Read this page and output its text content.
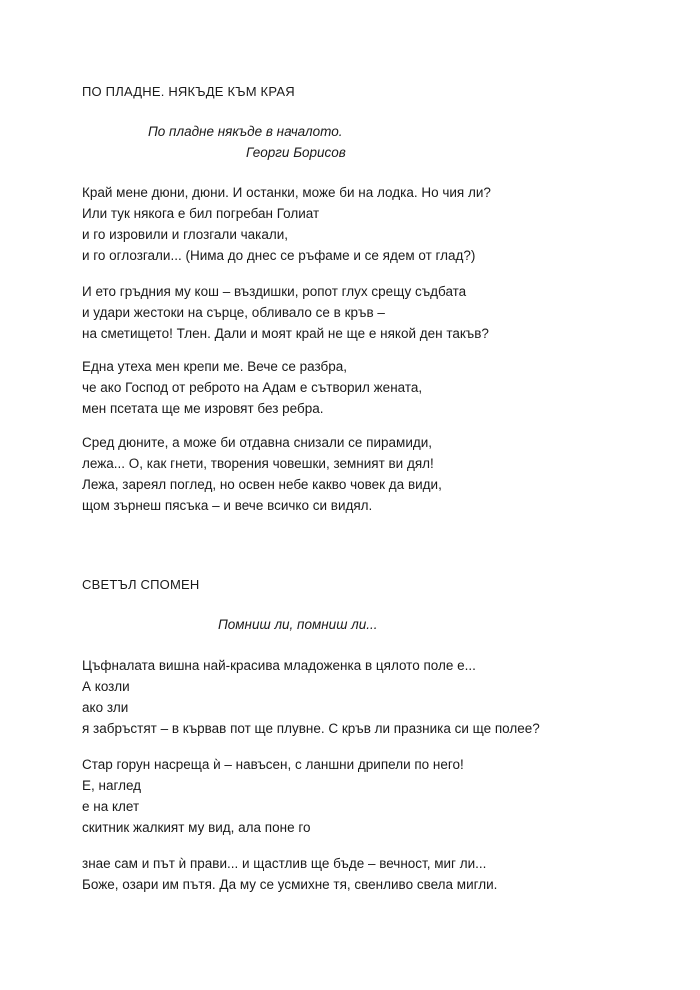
ПО ПЛАДНЕ. НЯКЪДЕ КЪМ КРАЯ
По пладне някъде в началото.
Георги Борисов
Край мене дюни, дюни. И останки, може би на лодка. Но чия ли?
Или тук някога е бил погребан Голиат
и го изровили и глозгали чакали,
и го оглозгали... (Нима до днес се ръфаме и се ядем от глад?)
И ето гръдния му кош – въздишки, ропот глух срещу съдбата
и удари жестоки на сърце, обливало се в кръв –
на сметището! Тлен. Дали и моят край не ще е някой ден такъв?
Една утеха мен крепи ме. Вече се разбра,
че ако Господ от реброто на Адам е сътворил жената,
мен псетата ще ме изровят без ребра.
Сред дюните, а може би отдавна снизали се пирамиди,
лежа... О, как гнети, творения човешки, земният ви дял!
Лежа, зареял поглед, но освен небе какво човек да види,
щом зърнеш пясъка – и вече всичко си видял.
СВЕТЪЛ СПОМЕН
Помниш ли, помниш ли...
Цъфналата вишна най-красива младоженка в цялото поле е...
А козли
ако зли
я забръстят – в кървав пот ще плувне. С кръв ли празника си ще полее?
Стар горун насреща ѝ – навъсен, с ланшни дрипели по него!
Е, наглед
е на клет
скитник жалкият му вид, ала поне го
знае сам и път ѝ прави... и щастлив ще бъде – вечност, миг ли...
Боже, озари им пътя. Да му се усмихне тя, свенливо свела мигли.
